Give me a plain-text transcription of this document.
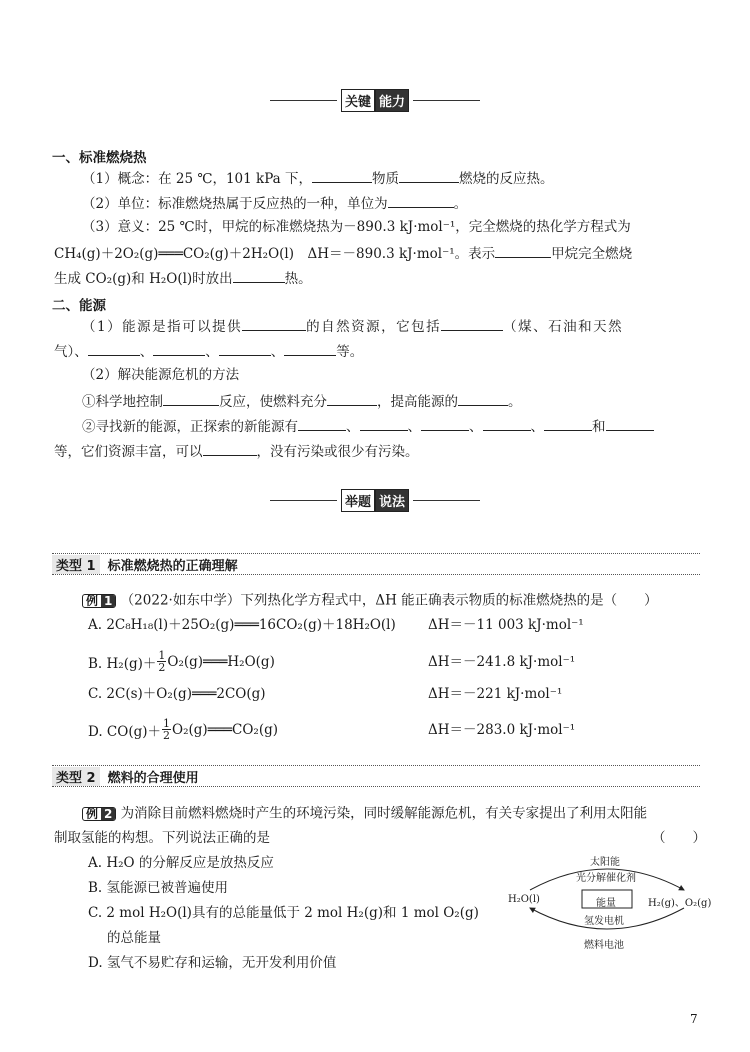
关键 能力
一、标准燃烧热
（1）概念：在 25 ℃，101 kPa 下，	物质	燃烧的反应热。
（2）单位：标准燃烧热属于反应热的一种，单位为	。
（3）意义：25 ℃时，甲烷的标准燃烧热为－890.3 kJ·mol⁻¹，完全燃烧的热化学方程式为
CH₄(g)＋2O₂(g)═══CO₂(g)＋2H₂O(l)　ΔH＝－890.3 kJ·mol⁻¹。表示	甲烷完全燃烧
生成 CO₂(g)和 H₂O(l)时放出	热。
二、能源
（1）能源是指可以提供	的自然资源，它包括	（煤、石油和天然
气）、	、	、	、	等。
（2）解决能源危机的方法
①科学地控制	反应，使燃料充分	，提高能源的	。
②寻找新的能源，正探索的新能源有	、	、	、	、	和
等，它们资源丰富，可以	，没有污染或很少有污染。
举题 说法
类型 1 标准燃烧热的正确理解
例 1 （2022·如东中学）下列热化学方程式中，ΔH 能正确表示物质的标准燃烧热的是（　　）
A. 2C₈H₁₈(l)＋25O₂(g)═══16CO₂(g)＋18H₂O(l) ΔH＝－11 003 kJ·mol⁻¹
B. $H_2(g)+ \frac{1}{2}$ O₂(g)═══H₂O(g)	ΔH＝－241.8 kJ·mol⁻¹
C. 2C(s)＋O₂(g)═══2CO(g)	ΔH＝－221 kJ·mol⁻¹
D. $CO(g)+ \frac{1}{2}$ O₂(g)═══CO₂(g)	ΔH＝－283.0 kJ·mol⁻¹
类型 2 燃料的合理使用
例 2 为消除目前燃料燃烧时产生的环境污染，同时缓解能源危机，有关专家提出了利用太阳能
制取氢能的构想。下列说法正确的是	（　　）
A. H₂O 的分解反应是放热反应
B. 氢能源已被普遍使用
C. 2 mol H₂O(l)具有的总能量低于 2 mol H₂(g)和 1 mol O₂(g)
的总能量
D. 氢气不易贮存和运输，无开发利用价值
太阳能
光分解催化剂
H₂O(l)	H₂(g)、O₂(g)
能量
氢发电机
燃料电池
7
